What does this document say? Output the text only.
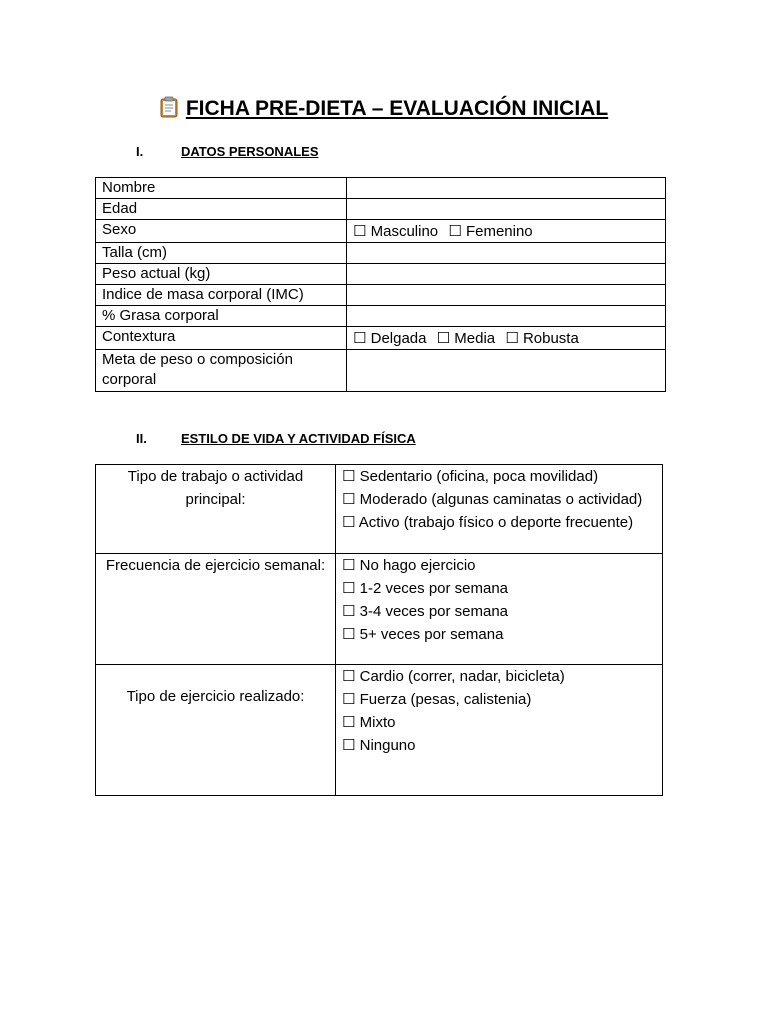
FICHA PRE-DIETA – EVALUACIÓN INICIAL
I.	DATOS PERSONALES
Nombre	
Edad	
Sexo	☐ Masculino ☐ Femenino
Talla (cm)	
Peso actual (kg)	
Indice de masa corporal (IMC)	
% Grasa corporal	
Contextura	☐ Delgada ☐ Media ☐ Robusta
Meta de peso o composición corporal	
II.	ESTILO DE VIDA Y ACTIVIDAD FÍSICA
Tipo de trabajo o actividad principal:	☐ Sedentario (oficina, poca movilidad)
☐ Moderado (algunas caminatas o actividad)
☐ Activo (trabajo físico o deporte frecuente)

Frecuencia de ejercicio semanal:	☐ No hago ejercicio
☐ 1-2 veces por semana
☐ 3-4 veces por semana
☐ 5+ veces por semana

Tipo de ejercicio realizado:	☐ Cardio (correr, nadar, bicicleta)
☐ Fuerza (pesas, calistenia)
☐ Mixto
☐ Ninguno
